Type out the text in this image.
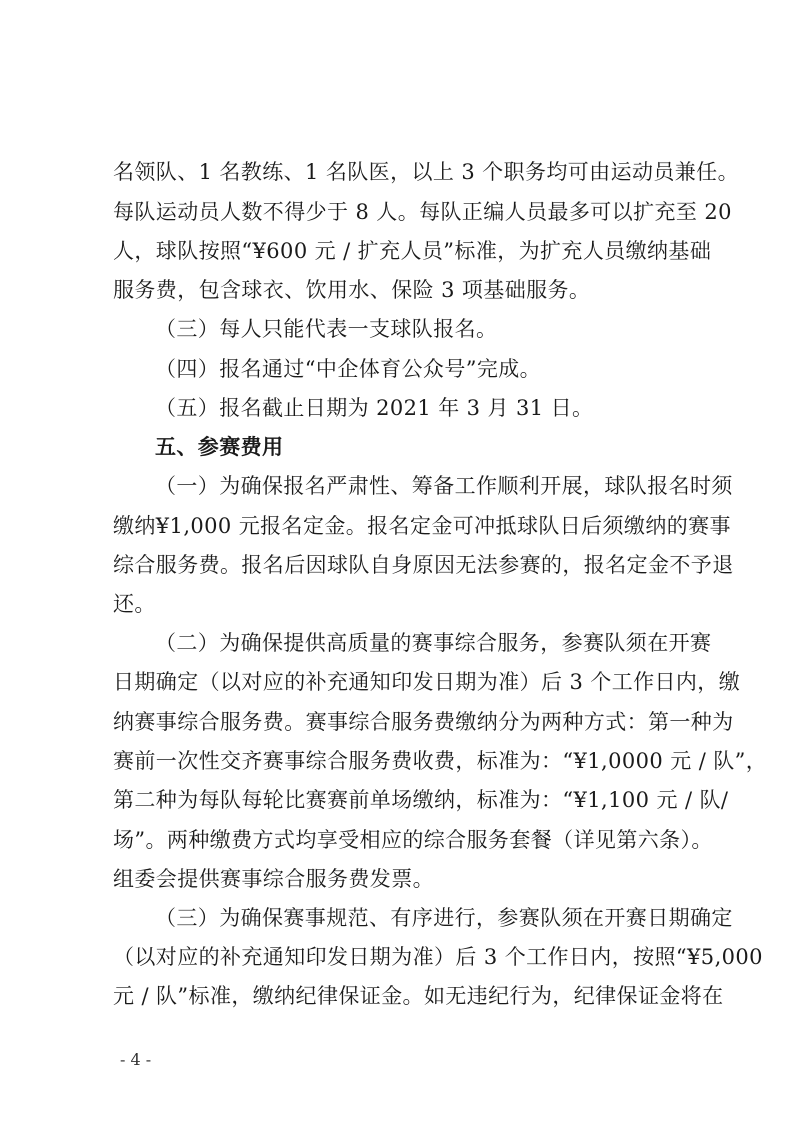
名领队、1 名教练、1 名队医，以上 3 个职务均可由运动员兼任。
每队运动员人数不得少于 8 人。每队正编人员最多可以扩充至 20
人，球队按照“¥600 元 / 扩充人员”标准，为扩充人员缴纳基础
服务费，包含球衣、饮用水、保险 3 项基础服务。
（三）每人只能代表一支球队报名。
（四）报名通过“中企体育公众号”完成。
（五）报名截止日期为 2021 年 3 月 31 日。
五、参赛费用
（一）为确保报名严肃性、筹备工作顺利开展，球队报名时须
缴纳¥1,000 元报名定金。报名定金可冲抵球队日后须缴纳的赛事
综合服务费。报名后因球队自身原因无法参赛的，报名定金不予退
还。
（二）为确保提供高质量的赛事综合服务，参赛队须在开赛
日期确定（以对应的补充通知印发日期为准）后 3 个工作日内，缴
纳赛事综合服务费。赛事综合服务费缴纳分为两种方式：第一种为
赛前一次性交齐赛事综合服务费收费，标准为：“¥1,0000 元 / 队”，
第二种为每队每轮比赛赛前单场缴纳，标准为：“¥1,100 元 / 队/
场”。两种缴费方式均享受相应的综合服务套餐（详见第六条）。
组委会提供赛事综合服务费发票。
（三）为确保赛事规范、有序进行，参赛队须在开赛日期确定
（以对应的补充通知印发日期为准）后 3 个工作日内，按照“¥5,000
元 / 队”标准，缴纳纪律保证金。如无违纪行为，纪律保证金将在
- 4 -
